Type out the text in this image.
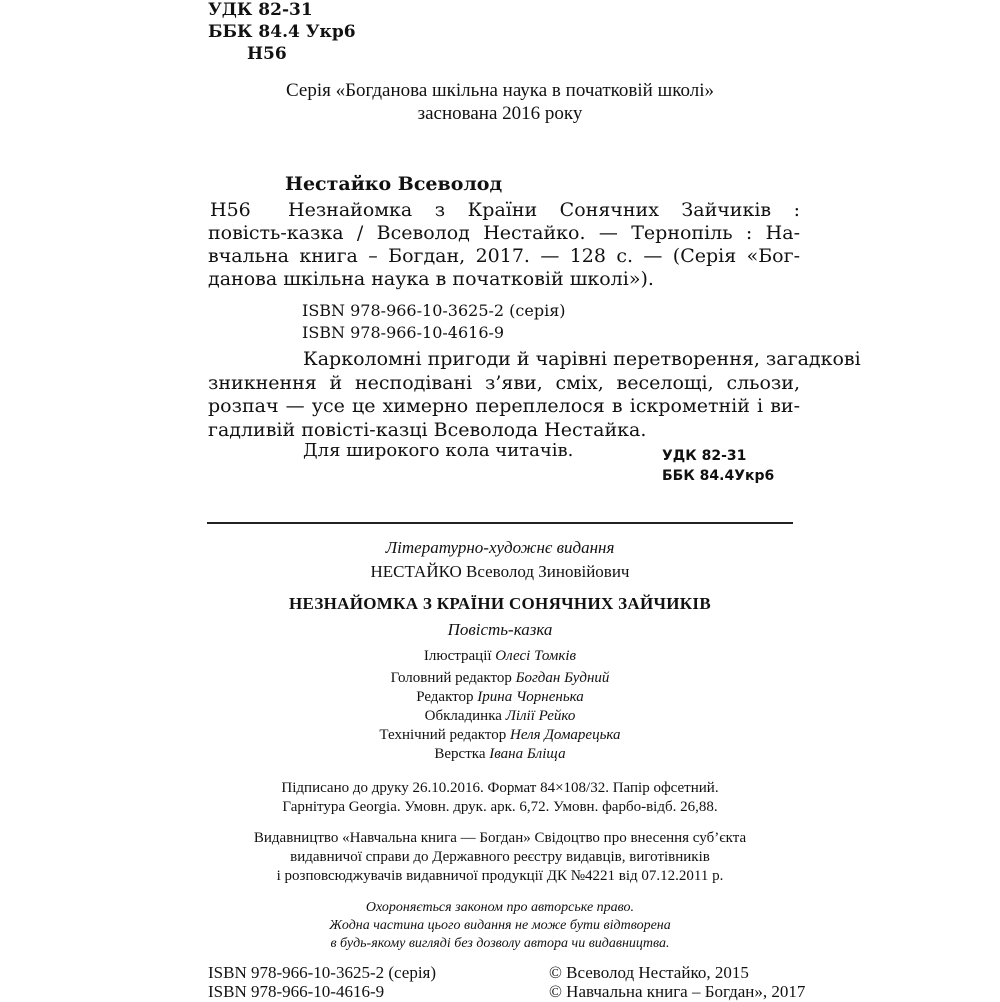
УДК 82-31
ББК 84.4 Укр6
Н56
Серія «Богданова шкільна наука в початковій школі»
заснована 2016 року
Нестайко Всеволод
Н56 Незнайомка з Країни Сонячних Зайчиків :
повість-казка / Всеволод Нестайко. — Тернопіль : На-
вчальна книга – Богдан, 2017. — 128 с. — (Серія «Бог-
данова шкільна наука в початковій школі»).
ISBN 978-966-10-3625-2 (серія)
ISBN 978-966-10-4616-9
Карколомні пригоди й чарівні перетворення, загадкові
зникнення й несподівані з’яви, сміх, веселощі, сльози,
розпач — усе це химерно переплелося в іскрометній і ви-
гадливій повісті-казці Всеволода Нестайка.
Для широкого кола читачів.	УДК 82-31
ББК 84.4Укр6
Літературно-художнє видання
НЕСТАЙКО Всеволод Зиновійович
НЕЗНАЙОМКА З КРАЇНИ СОНЯЧНИХ ЗАЙЧИКІВ
Повість-казка
Ілюстрації Олесі Томків
Головний редактор Богдан Будний
Редактор Ірина Чорненька
Обкладинка Лілії Рейко
Технічний редактор Неля Домарецька
Верстка Івана Бліща
Підписано до друку 26.10.2016. Формат 84×108/32. Папір офсетний.
Гарнітура Georgia. Умовн. друк. арк. 6,72. Умовн. фарбо-відб. 26,88.
Видавництво «Навчальна книга — Богдан» Свідоцтво про внесення суб’єкта
видавничої справи до Державного реєстру видавців, виготівників
і розповсюджувачів видавничої продукції ДК №4221 від 07.12.2011 р.
Охороняється законом про авторське право.
Жодна частина цього видання не може бути відтворена
в будь-якому вигляді без дозволу автора чи видавництва.
ISBN 978-966-10-3625-2 (серія)
ISBN 978-966-10-4616-9
© Всеволод Нестайко, 2015
© Навчальна книга – Богдан», 2017
